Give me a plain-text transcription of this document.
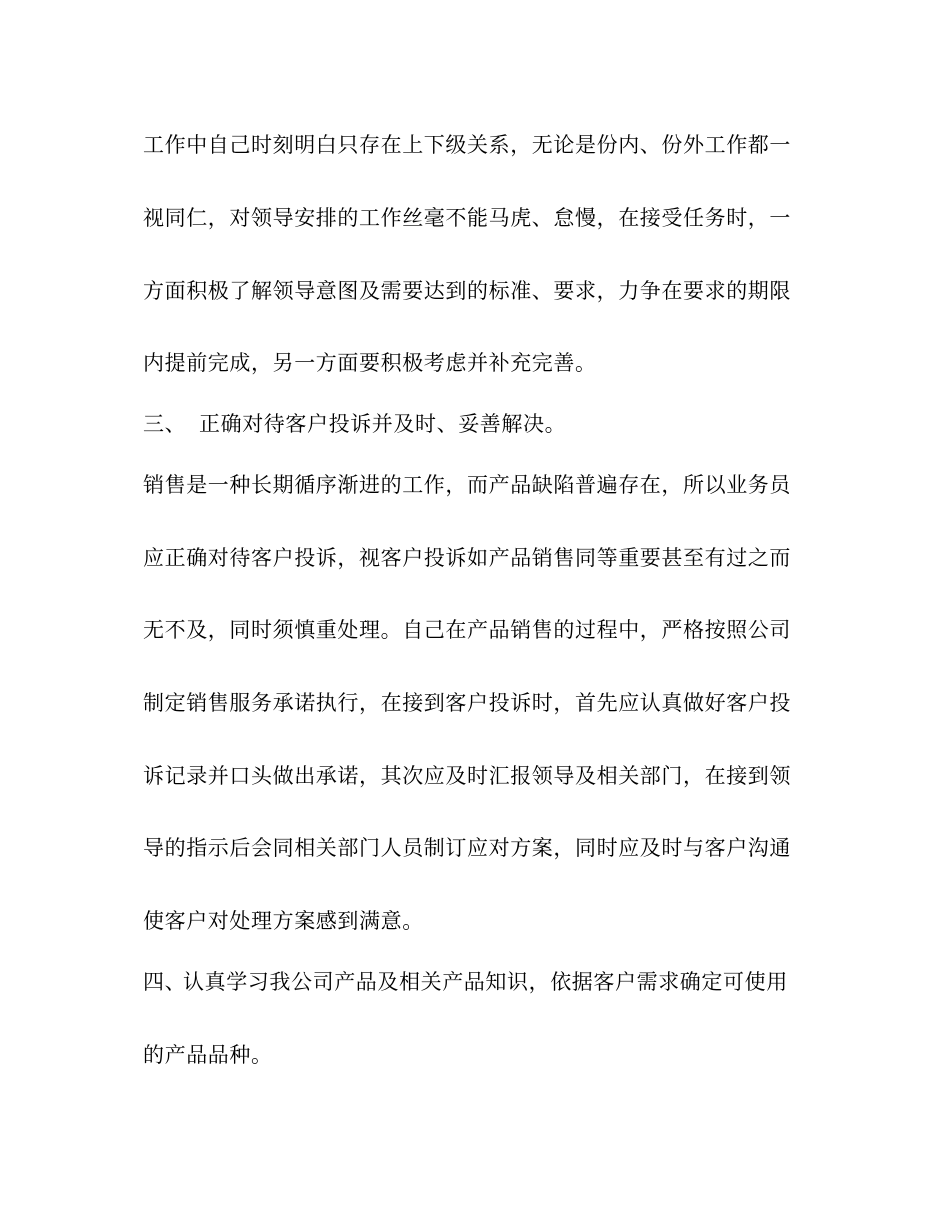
工作中自己时刻明白只存在上下级关系，无论是份内、份外工作都一
视同仁，对领导安排的工作丝毫不能马虎、怠慢，在接受任务时，一
方面积极了解领导意图及需要达到的标准、要求，力争在要求的期限
内提前完成，另一方面要积极考虑并补充完善。
三、 正确对待客户投诉并及时、妥善解决。
销售是一种长期循序渐进的工作，而产品缺陷普遍存在，所以业务员
应正确对待客户投诉，视客户投诉如产品销售同等重要甚至有过之而
无不及，同时须慎重处理。自己在产品销售的过程中，严格按照公司
制定销售服务承诺执行，在接到客户投诉时，首先应认真做好客户投
诉记录并口头做出承诺，其次应及时汇报领导及相关部门，在接到领
导的指示后会同相关部门人员制订应对方案，同时应及时与客户沟通
使客户对处理方案感到满意。
四、认真学习我公司产品及相关产品知识，依据客户需求确定可使用
的产品品种。
